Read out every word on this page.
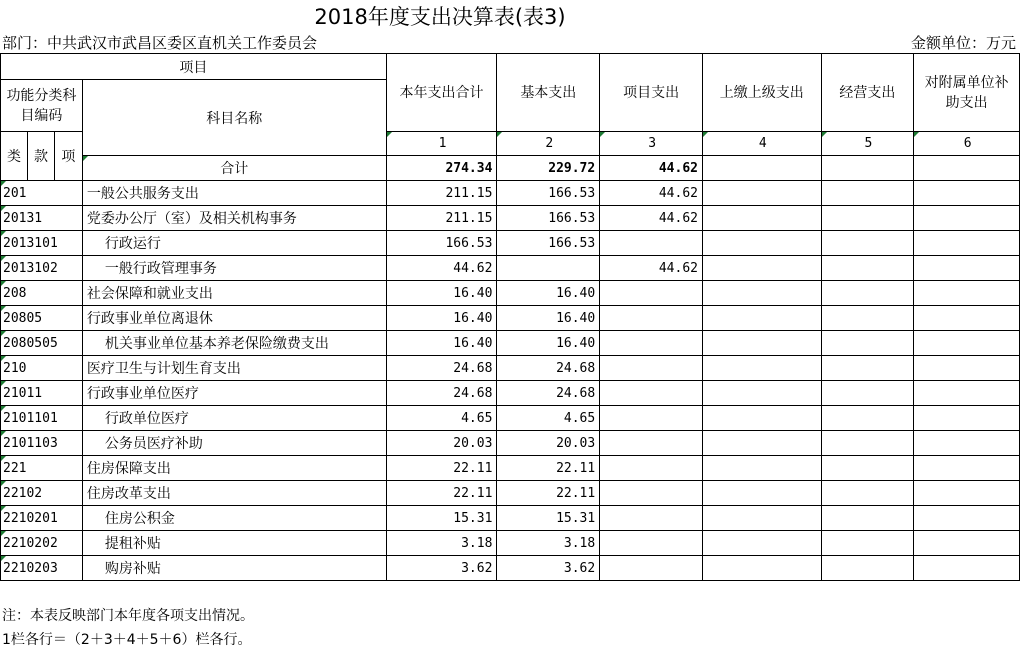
2018年度支出决算表(表3)
部门：中共武汉市武昌区委区直机关工作委员会	金额单位：万元
项目				本年支出合计	基本支出	项目支出	上缴上级支出	经营支出	对附属单位补助支出
功能分类科目编码			科目名称						

类	款	项		1	2	3	4	5	6
			合计	274.34	229.72	44.62			
201			一般公共服务支出	211.15	166.53	44.62			
20131			党委办公厅（室）及相关机构事务	211.15	166.53	44.62			
2013101			行政运行	166.53	166.53				
2013102			一般行政管理事务	44.62		44.62			
208			社会保障和就业支出	16.40	16.40				
20805			行政事业单位离退休	16.40	16.40				
2080505			机关事业单位基本养老保险缴费支出	16.40	16.40				
210			医疗卫生与计划生育支出	24.68	24.68				
21011			行政事业单位医疗	24.68	24.68				
2101101			行政单位医疗	4.65	4.65				
2101103			公务员医疗补助	20.03	20.03				
221			住房保障支出	22.11	22.11				
22102			住房改革支出	22.11	22.11				
2210201			住房公积金	15.31	15.31				
2210202			提租补贴	3.18	3.18				
2210203			购房补贴	3.62	3.62				
注：本表反映部门本年度各项支出情况。
1栏各行＝（2＋3＋4＋5＋6）栏各行。
